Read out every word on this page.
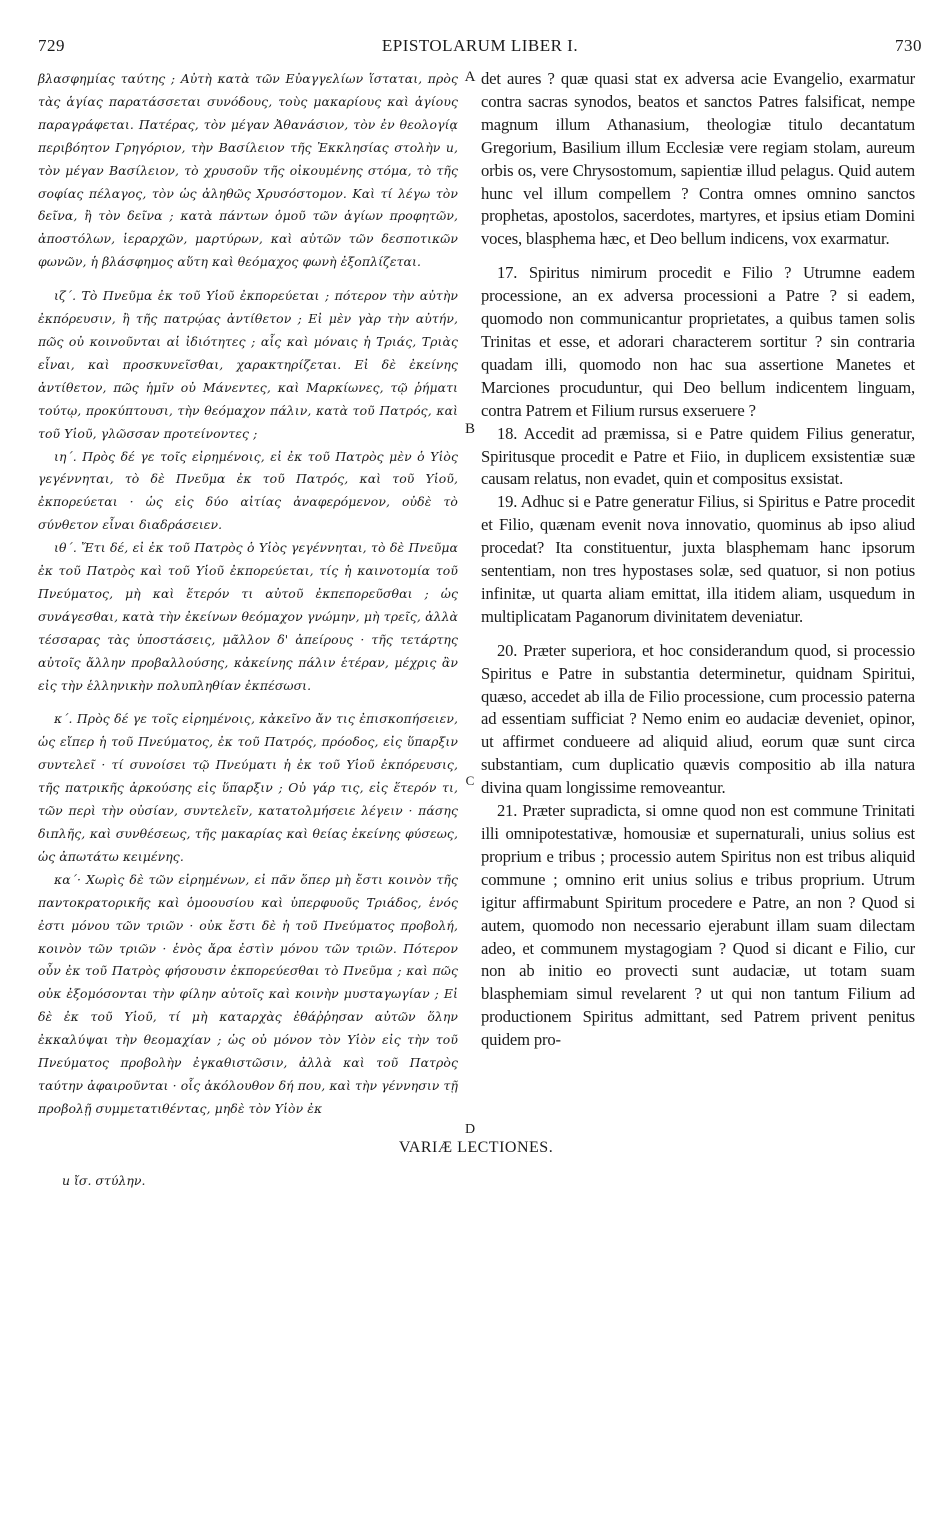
729	EPISTOLARUM LIBER I.	730

βλασφημίας ταύτης ; Αὐτὴ κατὰ τῶν Εὐαγγελίων ἵσταται, πρὸς τὰς ἁγίας παρατάσσεται συνόδους, τοὺς μακαρίους καὶ ἁγίους παραγράφεται. Πατέρας, τὸν μέγαν Ἀθανάσιον, τὸν ἐν θεολογίᾳ περιβόητον Γρηγόριον, τὴν Βασίλειον τῆς Ἐκκλησίας στολὴν u, τὸν μέγαν Βασίλειον, τὸ χρυσοῦν τῆς οἰκουμένης στόμα, τὸ τῆς σοφίας πέλαγος, τὸν ὡς ἀληθῶς Χρυσόστομον. Καὶ τί λέγω τὸν δεῖνα, ἢ τὸν δεῖνα ; κατὰ πάντων ὁμοῦ τῶν ἁγίων προφητῶν, ἀποστόλων, ἱεραρχῶν, μαρτύρων, καὶ αὐτῶν τῶν δεσποτικῶν φωνῶν, ἡ βλάσφημος αὕτη καὶ θεόμαχος φωνὴ ἐξοπλίζεται.

ιζ΄. Τὸ Πνεῦμα ἐκ τοῦ Υἱοῦ ἐκπορεύεται ; πότερον τὴν αὐτὴν ἐκπόρευσιν, ἢ τῆς πατρῴας ἀντίθετον ; Εἰ μὲν γὰρ τὴν αὐτήν, πῶς οὐ κοινοῦνται αἱ ἰδιότητες ; αἷς καὶ μόναις ἡ Τριάς, Τριὰς εἶναι, καὶ προσκυνεῖσθαι, χαρακτηρίζεται. Εἰ δὲ ἐκείνης ἀντίθετον, πῶς ἡμῖν οὐ Μάνεντες, καὶ Μαρκίωνες, τῷ ῥήματι τούτῳ, προκύπτουσι, τὴν θεόμαχον πάλιν, κατὰ τοῦ Πατρός, καὶ τοῦ Υἱοῦ, γλῶσσαν προτείνοντες ;

ιη΄. Πρὸς δέ γε τοῖς εἰρημένοις, εἰ ἐκ τοῦ Πατρὸς μὲν ὁ Υἱὸς γεγέννηται, τὸ δὲ Πνεῦμα ἐκ τοῦ Πατρός, καὶ τοῦ Υἱοῦ, ἐκπορεύεται · ὡς εἰς δύο αἰτίας ἀναφερόμενον, οὐδὲ τὸ σύνθετον εἶναι διαδράσειεν.

ιθ΄. Ἔτι δέ, εἰ ἐκ τοῦ Πατρὸς ὁ Υἱὸς γεγέννηται, τὸ δὲ Πνεῦμα ἐκ τοῦ Πατρὸς καὶ τοῦ Υἱοῦ ἐκπορεύεται, τίς ἡ καινοτομία τοῦ Πνεύματος, μὴ καὶ ἕτερόν τι αὐτοῦ ἐκπεπορεῦσθαι ; ὡς συνάγεσθαι, κατὰ τὴν ἐκείνων θεόμαχον γνώμην, μὴ τρεῖς, ἀλλὰ τέσσαρας τὰς ὑποστάσεις, μᾶλλον δ' ἀπείρους · τῆς τετάρτης αὐτοῖς ἄλλην προβαλλούσης, κἀκείνης πάλιν ἑτέραν, μέχρις ἂν εἰς τὴν ἑλληνικὴν πολυπληθίαν ἐκπέσωσι.

κ΄. Πρὸς δέ γε τοῖς εἰρημένοις, κἀκεῖνο ἄν τις ἐπισκοπήσειεν, ὡς εἴπερ ἡ τοῦ Πνεύματος, ἐκ τοῦ Πατρός, πρόοδος, εἰς ὕπαρξιν συντελεῖ · τί συνοίσει τῷ Πνεύματι ἡ ἐκ τοῦ Υἱοῦ ἐκπόρευσις, τῆς πατρικῆς ἀρκούσης εἰς ὕπαρξιν ; Οὐ γάρ τις, εἰς ἕτερόν τι, τῶν περὶ τὴν οὐσίαν, συντελεῖν, κατατολμήσειε λέγειν · πάσης διπλῆς, καὶ συνθέσεως, τῆς μακαρίας καὶ θείας ἐκείνης φύσεως, ὡς ἀπωτάτω κειμένης.

κα΄· Χωρὶς δὲ τῶν εἰρημένων, εἰ πᾶν ὅπερ μὴ ἔστι κοινὸν τῆς παντοκρατορικῆς καὶ ὁμοουσίου καὶ ὑπερφυοῦς Τριάδος, ἑνός ἐστι μόνου τῶν τριῶν · οὐκ ἔστι δὲ ἡ τοῦ Πνεύματος προβολή, κοινὸν τῶν τριῶν · ἑνὸς ἄρα ἐστὶν μόνου τῶν τριῶν. Πότερον οὖν ἐκ τοῦ Πατρὸς φήσουσιν ἐκπορεύεσθαι τὸ Πνεῦμα ; καὶ πῶς οὐκ ἐξομόσονται τὴν φίλην αὐτοῖς καὶ κοινὴν μυσταγωγίαν ; Εἰ δὲ ἐκ τοῦ Υἱοῦ, τί μὴ καταρχὰς ἐθάῤῥησαν αὐτῶν ὅλην ἐκκαλύψαι τὴν θεομαχίαν ; ὡς οὐ μόνον τὸν Υἱὸν εἰς τὴν τοῦ Πνεύματος προβολὴν ἐγκαθιστῶσιν, ἀλλὰ καὶ τοῦ Πατρὸς ταύτην ἀφαιροῦνται · οἷς ἀκόλουθον δή που, καὶ τὴν γέννησιν τῇ προβολῇ συμμετατιθέντας, μηδὲ τὸν Υἱὸν ἐκ

A
B
C
D

det aures ? quæ quasi stat ex adversa acie Evangelio, exarmatur contra sacras synodos, beatos et sanctos Patres falsificat, nempe magnum illum Athanasium, theologiæ titulo decantatum Gregorium, Basilium illum Ecclesiæ vere regiam stolam, aureum orbis os, vere Chrysostomum, sapientiæ illud pelagus. Quid autem hunc vel illum compellem ? Contra omnes omnino sanctos prophetas, apostolos, sacerdotes, martyres, et ipsius etiam Domini voces, blasphema hæc, et Deo bellum indicens, vox exarmatur.

17. Spiritus nimirum procedit e Filio ? Utrumne eadem processione, an ex adversa processioni a Patre ? si eadem, quomodo non communicantur proprietates, a quibus tamen solis Trinitas et esse, et adorari characterem sortitur ? sin contraria quadam illi, quomodo non hac sua assertione Manetes et Marciones procuduntur, qui Deo bellum indicentem linguam, contra Patrem et Filium rursus exseruere ?

18. Accedit ad præmissa, si e Patre quidem Filius generatur, Spiritusque procedit e Patre et Fiio, in duplicem exsistentiæ suæ causam relatus, non evadet, quin et compositus exsistat.

19. Adhuc si e Patre generatur Filius, si Spiritus e Patre procedit et Filio, quænam evenit nova innovatio, quominus ab ipso aliud procedat? Ita constituentur, juxta blasphemam hanc ipsorum sententiam, non tres hypostases solæ, sed quatuor, si non potius infinitæ, ut quarta aliam emittat, illa itidem aliam, usquedum in multiplicatam Paganorum divinitatem deveniatur.

20. Præter superiora, et hoc considerandum quod, si processio Spiritus e Patre in substantia determinetur, quidnam Spiritui, quæso, accedet ab illa de Filio processione, cum processio paterna ad essentiam sufficiat ? Nemo enim eo audaciæ deveniet, opinor, ut affirmet condueere ad aliquid aliud, eorum quæ sunt circa substantiam, cum duplicatio quævis compositio ab illa natura divina quam longissime removeantur.

21. Præter supradicta, si omne quod non est commune Trinitati illi omnipotestativæ, homousiæ et supernaturali, unius solius est proprium e tribus ; processio autem Spiritus non est tribus aliquid commune ; omnino erit unius solius e tribus proprium. Utrum igitur affirmabunt Spiritum procedere e Patre, an non ? Quod si autem, quomodo non necessario ejerabunt illam suam dilectam adeo, et communem mystagogiam ? Quod si dicant e Filio, cur non ab initio eo provecti sunt audaciæ, ut totam suam blasphemiam simul revelarent ? ut qui non tantum Filium ad productionem Spiritus admittant, sed Patrem privent penitus quidem pro-

VARIÆ LECTIONES.
u ἴσ. στύλην.
